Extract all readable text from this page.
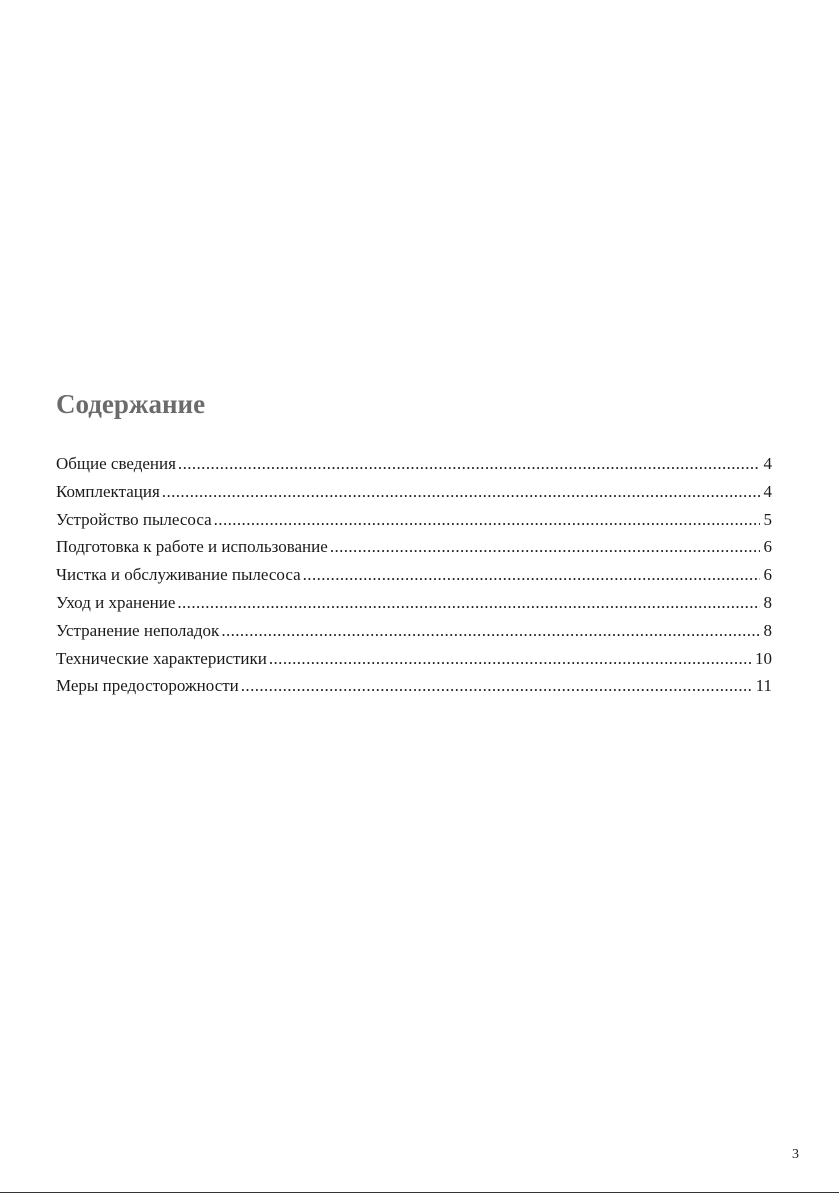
Содержание
Общие сведения .....	4
Комплектация .....	4
Устройство пылесоса .....	5
Подготовка к работе и использование .....	6
Чистка и обслуживание пылесоса .....	6
Уход и хранение .....	8
Устранение неполадок .....	8
Технические характеристики .....	10
Меры предосторожности .....	11
3
